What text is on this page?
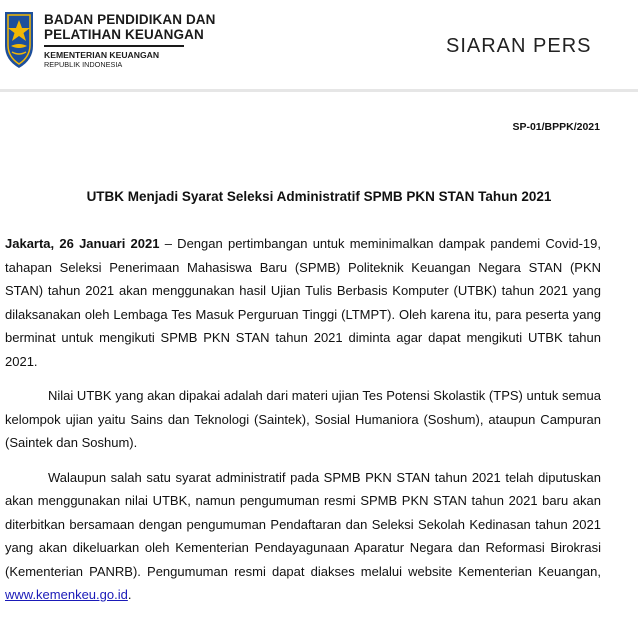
BADAN PENDIDIKAN DAN
PELATIHAN KEUANGAN
KEMENTERIAN KEUANGAN
REPUBLIK INDONESIA
SIARAN PERS
SP-01/BPPK/2021
UTBK Menjadi Syarat Seleksi Administratif SPMB PKN STAN Tahun 2021

Jakarta, 26 Januari 2021 – Dengan pertimbangan untuk meminimalkan dampak pandemi Covid-19, tahapan Seleksi Penerimaan Mahasiswa Baru (SPMB) Politeknik Keuangan Negara STAN (PKN STAN) tahun 2021 akan menggunakan hasil Ujian Tulis Berbasis Komputer (UTBK) tahun 2021 yang dilaksanakan oleh Lembaga Tes Masuk Perguruan Tinggi (LTMPT). Oleh karena itu, para peserta yang berminat untuk mengikuti SPMB PKN STAN tahun 2021 diminta agar dapat mengikuti UTBK tahun 2021.

Nilai UTBK yang akan dipakai adalah dari materi ujian Tes Potensi Skolastik (TPS) untuk semua kelompok ujian yaitu Sains dan Teknologi (Saintek), Sosial Humaniora (Soshum), ataupun Campuran (Saintek dan Soshum).

Walaupun salah satu syarat administratif pada SPMB PKN STAN tahun 2021 telah diputuskan akan menggunakan nilai UTBK, namun pengumuman resmi SPMB PKN STAN tahun 2021 baru akan diterbitkan bersamaan dengan pengumuman Pendaftaran dan Seleksi Sekolah Kedinasan tahun 2021 yang akan dikeluarkan oleh Kementerian Pendayagunaan Aparatur Negara dan Reformasi Birokrasi (Kementerian PANRB). Pengumuman resmi dapat diakses melalui website Kementerian Keuangan, www.kemenkeu.go.id.
